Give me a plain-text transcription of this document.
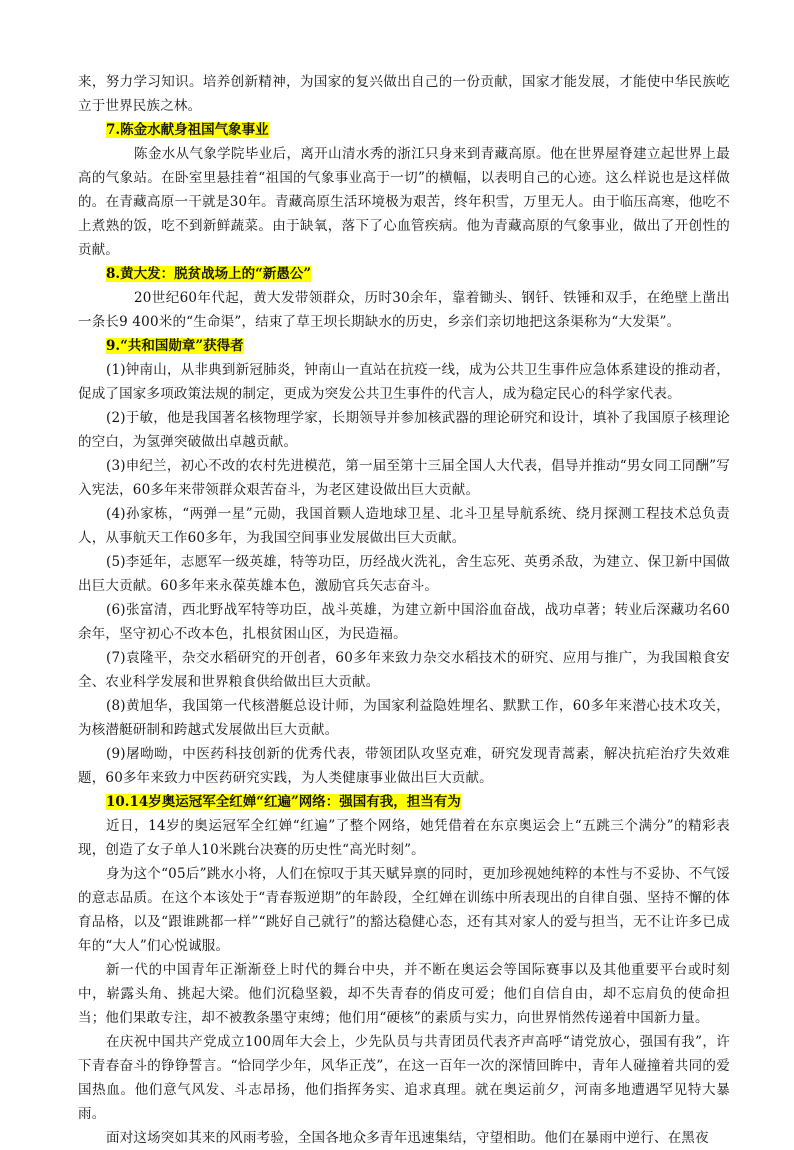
来，努力学习知识。培养创新精神，为国家的复兴做出自己的一份贡献，国家才能发展，才能使中华民族屹立于世界民族之林。

7.陈金水献身祖国气象事业

陈金水从气象学院毕业后，离开山清水秀的浙江只身来到青藏高原。他在世界屋脊建立起世界上最高的气象站。在卧室里悬挂着“祖国的气象事业高于一切”的横幅，以表明自己的心迹。这么样说也是这样做的。在青藏高原一干就是30年。青藏高原生活环境极为艰苦，终年积雪，万里无人。由于临压高寒，他吃不上煮熟的饭，吃不到新鲜蔬菜。由于缺氧，落下了心血管疾病。他为青藏高原的气象事业，做出了开创性的贡献。

8.黄大发：脱贫战场上的“新愚公”

20世纪60年代起，黄大发带领群众，历时30余年，靠着锄头、钢钎、铁锤和双手，在绝壁上凿出一条长9 400米的“生命渠”，结束了草王坝长期缺水的历史，乡亲们亲切地把这条渠称为“大发渠”。

9.“共和国勋章”获得者

(1)钟南山，从非典到新冠肺炎，钟南山一直站在抗疫一线，成为公共卫生事件应急体系建设的推动者，促成了国家多项政策法规的制定，更成为突发公共卫生事件的代言人，成为稳定民心的科学家代表。

(2)于敏，他是我国著名核物理学家，长期领导并参加核武器的理论研究和设计，填补了我国原子核理论的空白，为氢弹突破做出卓越贡献。

(3)申纪兰，初心不改的农村先进模范，第一届至第十三届全国人大代表，倡导并推动“男女同工同酬”写入宪法，60多年来带领群众艰苦奋斗，为老区建设做出巨大贡献。

(4)孙家栋，“两弹一星”元勋，我国首颗人造地球卫星、北斗卫星导航系统、绕月探测工程技术总负责人，从事航天工作60多年，为我国空间事业发展做出巨大贡献。

(5)李延年，志愿军一级英雄，特等功臣，历经战火洗礼，舍生忘死、英勇杀敌，为建立、保卫新中国做出巨大贡献。60多年来永葆英雄本色，激励官兵矢志奋斗。

(6)张富清，西北野战军特等功臣，战斗英雄，为建立新中国浴血奋战，战功卓著；转业后深藏功名60余年，坚守初心不改本色，扎根贫困山区，为民造福。

(7)袁隆平，杂交水稻研究的开创者，60多年来致力杂交水稻技术的研究、应用与推广，为我国粮食安全、农业科学发展和世界粮食供给做出巨大贡献。

(8)黄旭华，我国第一代核潜艇总设计师，为国家利益隐姓埋名、默默工作，60多年来潜心技术攻关，为核潜艇研制和跨越式发展做出巨大贡献。

(9)屠呦呦，中医药科技创新的优秀代表，带领团队攻坚克难，研究发现青蒿素，解决抗疟治疗失效难题，60多年来致力中医药研究实践，为人类健康事业做出巨大贡献。

10.14岁奥运冠军全红婵“红遍”网络：强国有我，担当有为

近日，14岁的奥运冠军全红婵“红遍”了整个网络，她凭借着在东京奥运会上“五跳三个满分”的精彩表现，创造了女子单人10米跳台决赛的历史性“高光时刻”。

身为这个“05后”跳水小将，人们在惊叹于其天赋异禀的同时，更加珍视她纯粹的本性与不妥协、不气馁的意志品质。在这个本该处于“青春叛逆期”的年龄段，全红婵在训练中所表现出的自律自强、坚持不懈的体育品格，以及“跟谁跳都一样”“跳好自己就行”的豁达稳健心态，还有其对家人的爱与担当，无不让许多已成年的“大人”们心悦诚服。

新一代的中国青年正渐渐登上时代的舞台中央，并不断在奥运会等国际赛事以及其他重要平台或时刻中，崭露头角、挑起大梁。他们沉稳坚毅，却不失青春的俏皮可爱；他们自信自由，却不忘肩负的使命担当；他们果敢专注，却不被教条墨守束缚；他们用“硬核”的素质与实力，向世界悄然传递着中国新力量。

在庆祝中国共产党成立100周年大会上，少先队员与共青团员代表齐声高呼“请党放心，强国有我”，许下青春奋斗的铮铮誓言。“恰同学少年，风华正茂”，在这一百年一次的深情回眸中，青年人碰撞着共同的爱国热血。他们意气风发、斗志昂扬，他们指挥务实、追求真理。就在奥运前夕，河南多地遭遇罕见特大暴雨。

面对这场突如其来的风雨考验，全国各地众多青年迅速集结，守望相助。他们在暴雨中逆行、在黑夜
